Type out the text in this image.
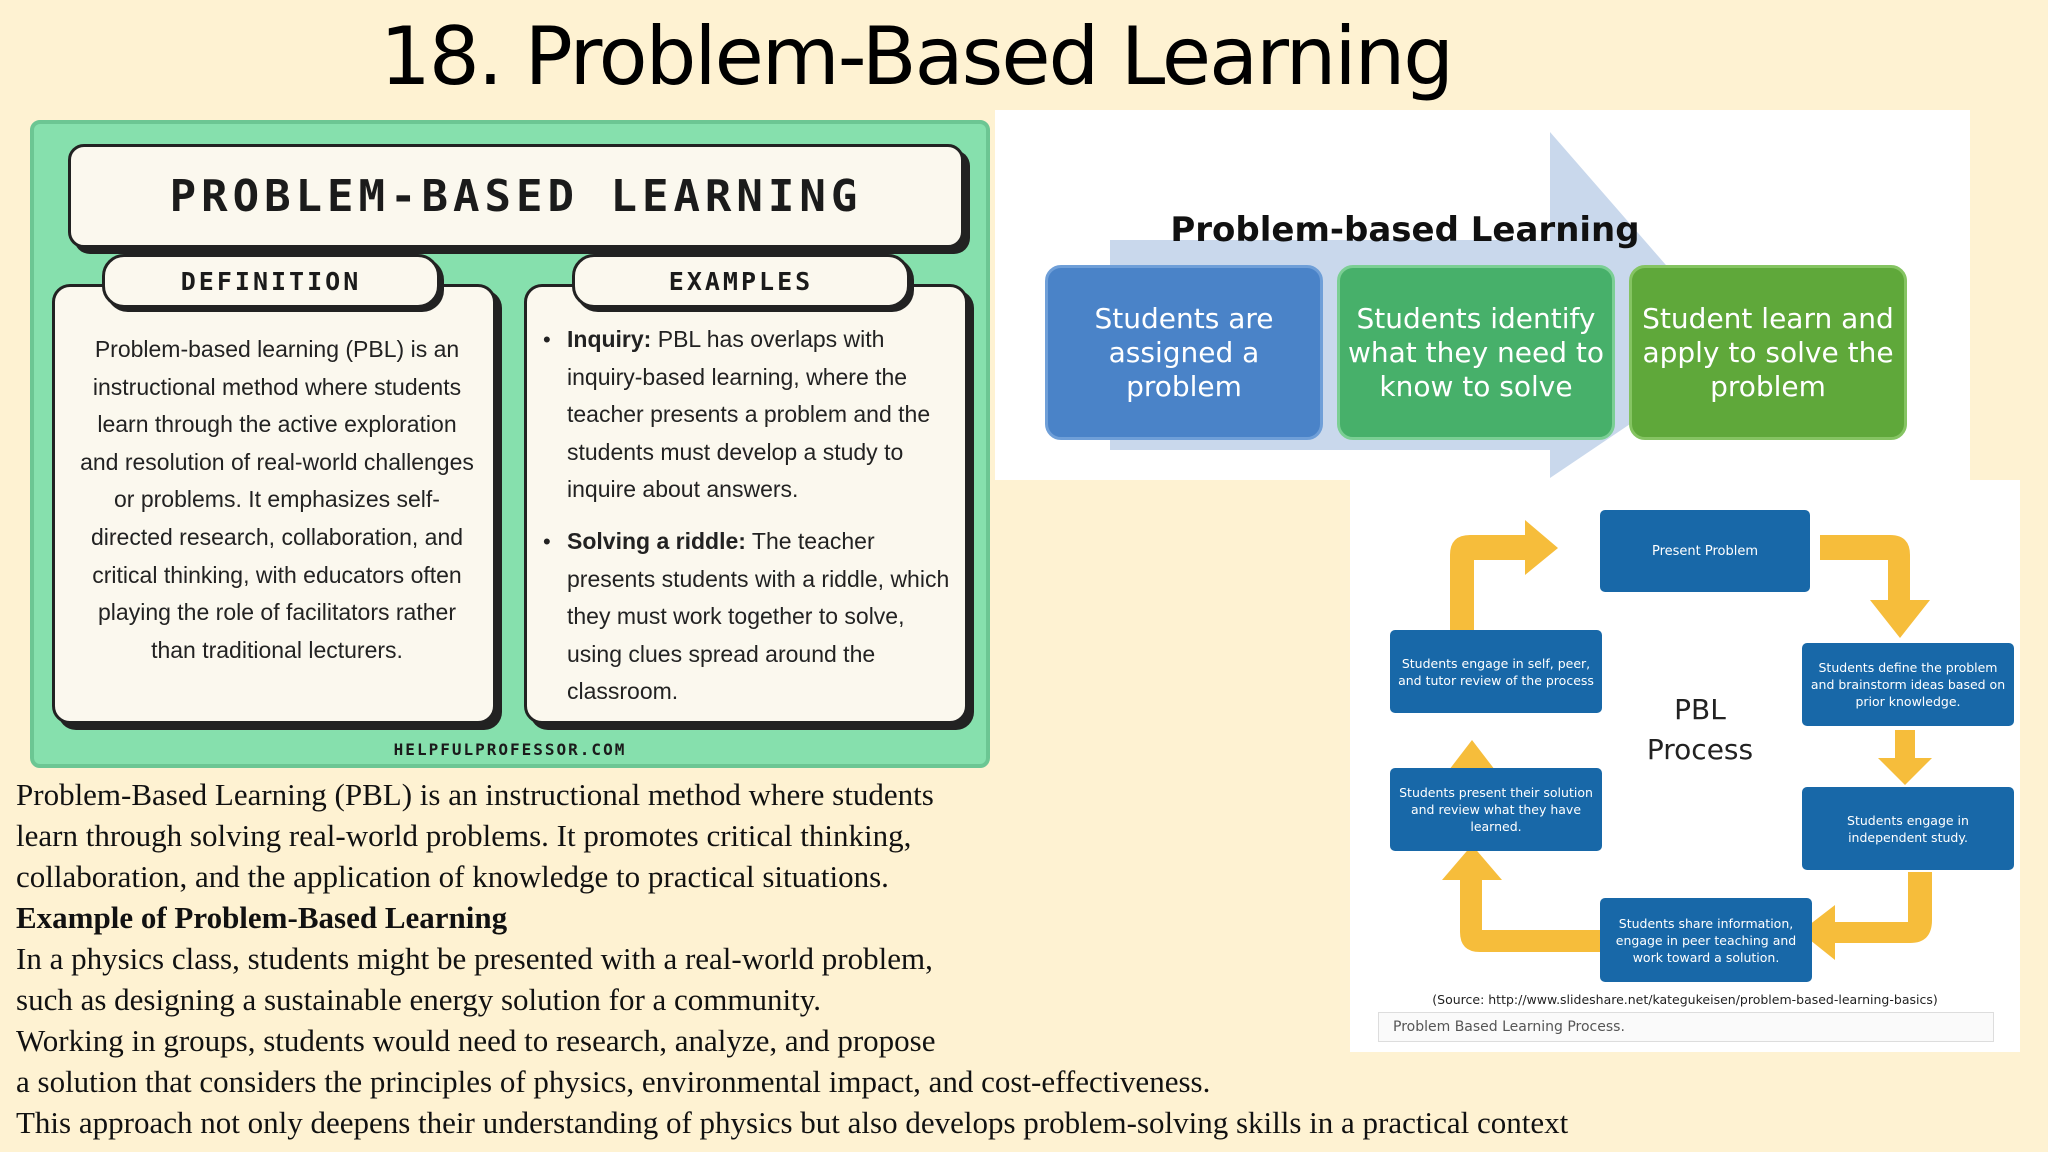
18. Problem-Based Learning
PROBLEM-BASED LEARNING
Problem-based learning (PBL) is an instructional method where students learn through the active exploration and resolution of real-world challenges or problems. It emphasizes self-directed research, collaboration, and critical thinking, with educators often playing the role of facilitators rather than traditional lecturers.
• Inquiry: PBL has overlaps with inquiry-based learning, where the teacher presents a problem and the students must develop a study to inquire about answers.
• Solving a riddle: The teacher presents students with a riddle, which they must work together to solve, using clues spread around the classroom.
DEFINITION	EXAMPLES
HELPFULPROFESSOR.COM
Problem-based Learning
Students are assigned a problem
Students identify what they need to know to solve
Student learn and apply to solve the problem
Present Problem
Students define the problem and brainstorm ideas based on prior knowledge.
Students engage in independent study.
Students share information, engage in peer teaching and work toward a solution.
Students present their solution and review what they have learned.
Students engage in self, peer, and tutor review of the process
PBL
Process
(Source: http://www.slideshare.net/kategukeisen/problem-based-learning-basics)
Problem Based Learning Process.
Problem-Based Learning (PBL) is an instructional method where students
learn through solving real-world problems. It promotes critical thinking,
collaboration, and the application of knowledge to practical situations.
Example of Problem-Based Learning
In a physics class, students might be presented with a real-world problem,
such as designing a sustainable energy solution for a community.
Working in groups, students would need to research, analyze, and propose
a solution that considers the principles of physics, environmental impact, and cost-effectiveness.
This approach not only deepens their understanding of physics but also develops problem-solving skills in a practical context
